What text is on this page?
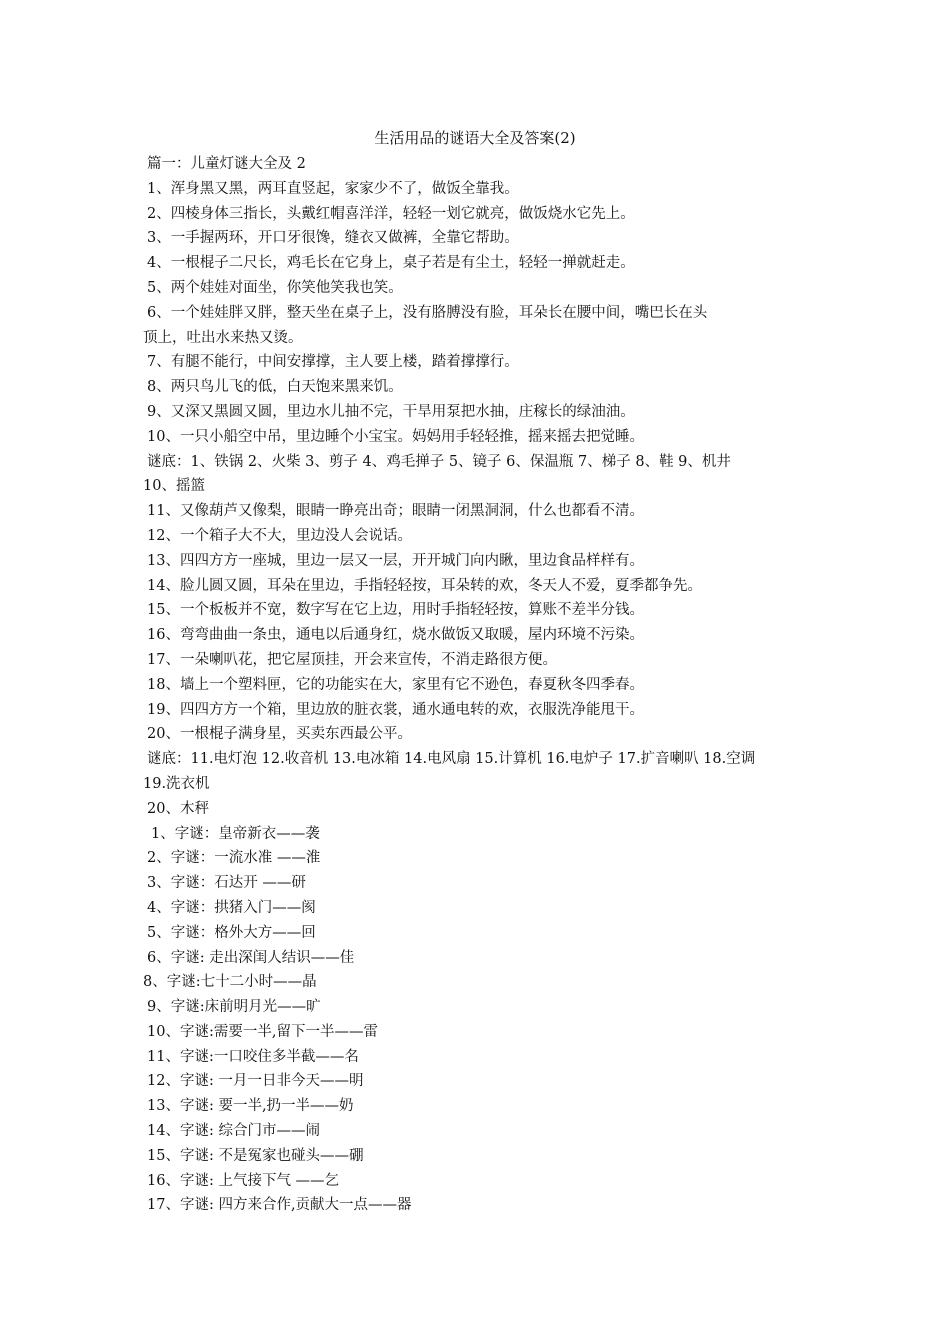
生活用品的谜语大全及答案(2)
篇一：儿童灯谜大全及 2
1、浑身黑又黑，两耳直竖起，家家少不了，做饭全靠我。
2、四棱身体三指长，头戴红帽喜洋洋，轻轻一划它就亮，做饭烧水它先上。
3、一手握两环，开口牙很馋，缝衣又做裤，全靠它帮助。
4、一根棍子二尺长，鸡毛长在它身上，桌子若是有尘土，轻轻一掸就赶走。
5、两个娃娃对面坐，你笑他笑我也笑。
6、一个娃娃胖又胖，整天坐在桌子上，没有胳膊没有脸，耳朵长在腰中间，嘴巴长在头
顶上，吐出水来热又烫。
7、有腿不能行，中间安撑撑，主人要上楼，踏着撑撑行。
8、两只鸟儿飞的低，白天饱来黑来饥。
9、又深又黑圆又圆，里边水儿抽不完，干旱用泵把水抽，庄稼长的绿油油。
10、一只小船空中吊，里边睡个小宝宝。妈妈用手轻轻推，摇来摇去把觉睡。
谜底：1、铁锅 2、火柴 3、剪子 4、鸡毛掸子 5、镜子 6、保温瓶 7、梯子 8、鞋 9、机井
10、摇篮
11、又像葫芦又像梨，眼睛一睁亮出奇；眼睛一闭黑洞洞，什么也都看不清。
12、一个箱子大不大，里边没人会说话。
13、四四方方一座城，里边一层又一层，开开城门向内瞅，里边食品样样有。
14、脸儿圆又圆，耳朵在里边，手指轻轻按，耳朵转的欢，冬天人不爱，夏季都争先。
15、一个板板并不宽，数字写在它上边，用时手指轻轻按，算账不差半分钱。
16、弯弯曲曲一条虫，通电以后通身红，烧水做饭又取暖，屋内环境不污染。
17、一朵喇叭花，把它屋顶挂，开会来宣传，不消走路很方便。
18、墙上一个塑料匣，它的功能实在大，家里有它不逊色，春夏秋冬四季春。
19、四四方方一个箱，里边放的脏衣裳，通水通电转的欢，衣服洗净能甩干。
20、一根棍子满身星，买卖东西最公平。
谜底：11.电灯泡 12.收音机 13.电冰箱 14.电风扇 15.计算机 16.电炉子 17.扩音喇叭 18.空调
19.洗衣机
20、木秤
1、字谜：皇帝新衣——袭
2、字谜：一流水准 ——淮
3、字谜：石达开 ——研
4、字谜：拱猪入门——阂
5、字谜：格外大方——回
6、字谜: 走出深闺人结识——佳
8、字谜:七十二小时——晶
9、字谜:床前明月光——旷
10、字谜:需要一半,留下一半——雷
11、字谜:一口咬住多半截——名
12、字谜: 一月一日非今天——明
13、字谜: 要一半,扔一半——奶
14、字谜: 综合门市——闹
15、字谜: 不是冤家也碰头——硼
16、字谜: 上气接下气 ——乞
17、字谜: 四方来合作,贡献大一点——器
